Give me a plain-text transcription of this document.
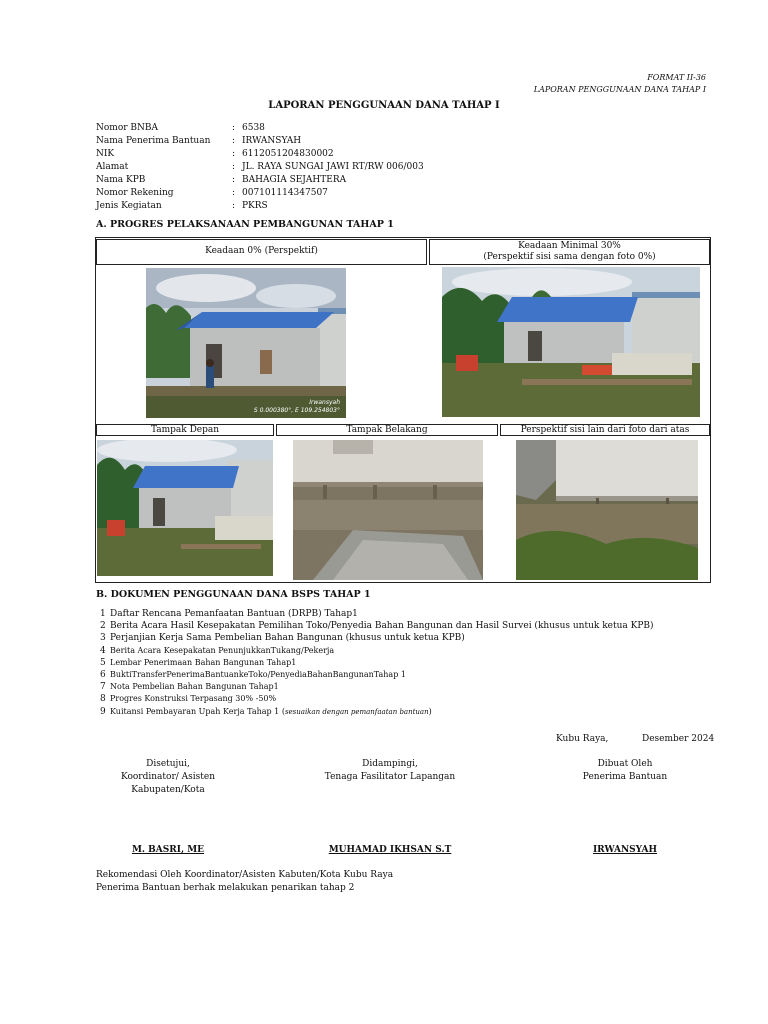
FORMAT II-36
LAPORAN PENGGUNAAN DANA TAHAP I
LAPORAN PENGGUNAAN DANA TAHAP I
Nomor BNBA	: 6538
Nama Penerima Bantuan	: IRWANSYAH
NIK	: 6112051204830002
Alamat	: JL. RAYA SUNGAI JAWI RT/RW 006/003
Nama KPB	: BAHAGIA SEJAHTERA
Nomor Rekening	: 007101114347507
Jenis Kegiatan	: PKRS
A. PROGRES PELAKSANAAN PEMBANGUNAN TAHAP 1
Keadaan 0% (Perspektif)	Keadaan Minimal 30%
(Perspektif sisi sama dengan foto 0%)
Irwansyah
S 0.000380°, E 109.254803°
Tampak Depan	Tampak Belakang	Perspektif sisi lain dari foto dari atas
B. DOKUMEN PENGGUNAAN DANA BSPS TAHAP 1
1 Daftar Rencana Pemanfaatan Bantuan (DRPB) Tahap1
2 Berita Acara Hasil Kesepakatan Pemilihan Toko/Penyedia Bahan Bangunan dan Hasil Survei (khusus untuk ketua KPB)
3 Perjanjian Kerja Sama Pembelian Bahan Bangunan (khusus untuk ketua KPB)
4 Berita Acara Kesepakatan PenunjukkanTukang/Pekerja
5 Lembar Penerimaan Bahan Bangunan Tahap1
6 BuktiTransferPenerimaBantuankeToko/PenyediaBahanBangunanTahap 1
7 Nota Pembelian Bahan Bangunan Tahap1
8 Progres Konstruksi Terpasang 30% -50%
9 Kuitansi Pembayaran Upah Kerja Tahap 1 ( sesuaikan dengan pemanfaatan bantuan )
Kubu Raya,	Desember 2024
Disetujui,
Koordinator/ Asisten
Kabupaten/Kota
Didampingi,
Tenaga Fasilitator Lapangan
Dibuat Oleh
Penerima Bantuan
M. BASRI, ME	MUHAMAD IKHSAN S.T	IRWANSYAH
Rekomendasi Oleh Koordinator/Asisten Kabuten/Kota Kubu Raya
Penerima Bantuan berhak melakukan penarikan tahap 2
